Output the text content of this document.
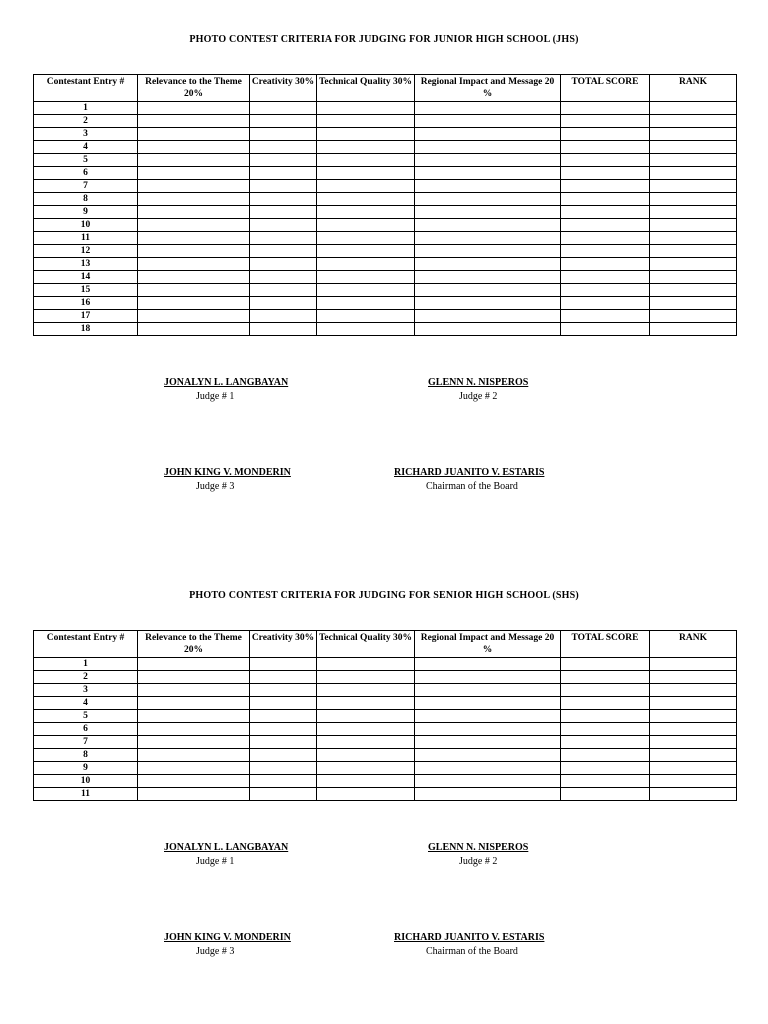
PHOTO CONTEST CRITERIA FOR JUDGING FOR JUNIOR HIGH SCHOOL (JHS)
Contestant Entry #	Relevance to the Theme 20%	Creativity 30%	Technical Quality 30%	Regional Impact and Message 20 %	TOTAL SCORE	RANK
1						
2						
3						
4						
5						
6						
7						
8						
9						
10						
11						
12						
13						
14						
15						
16						
17						
18						
JONALYN L. LANGBAYAN
Judge # 1
GLENN N. NISPEROS
Judge # 2
JOHN KING V. MONDERIN
Judge # 3
RICHARD JUANITO V. ESTARIS
Chairman of the Board
PHOTO CONTEST CRITERIA FOR JUDGING FOR SENIOR HIGH SCHOOL (SHS)
Contestant Entry #	Relevance to the Theme 20%	Creativity 30%	Technical Quality 30%	Regional Impact and Message 20 %	TOTAL SCORE	RANK
1						
2						
3						
4						
5						
6						
7						
8						
9						
10						
11						
JONALYN L. LANGBAYAN
Judge # 1
GLENN N. NISPEROS
Judge # 2
JOHN KING V. MONDERIN
Judge # 3
RICHARD JUANITO V. ESTARIS
Chairman of the Board
